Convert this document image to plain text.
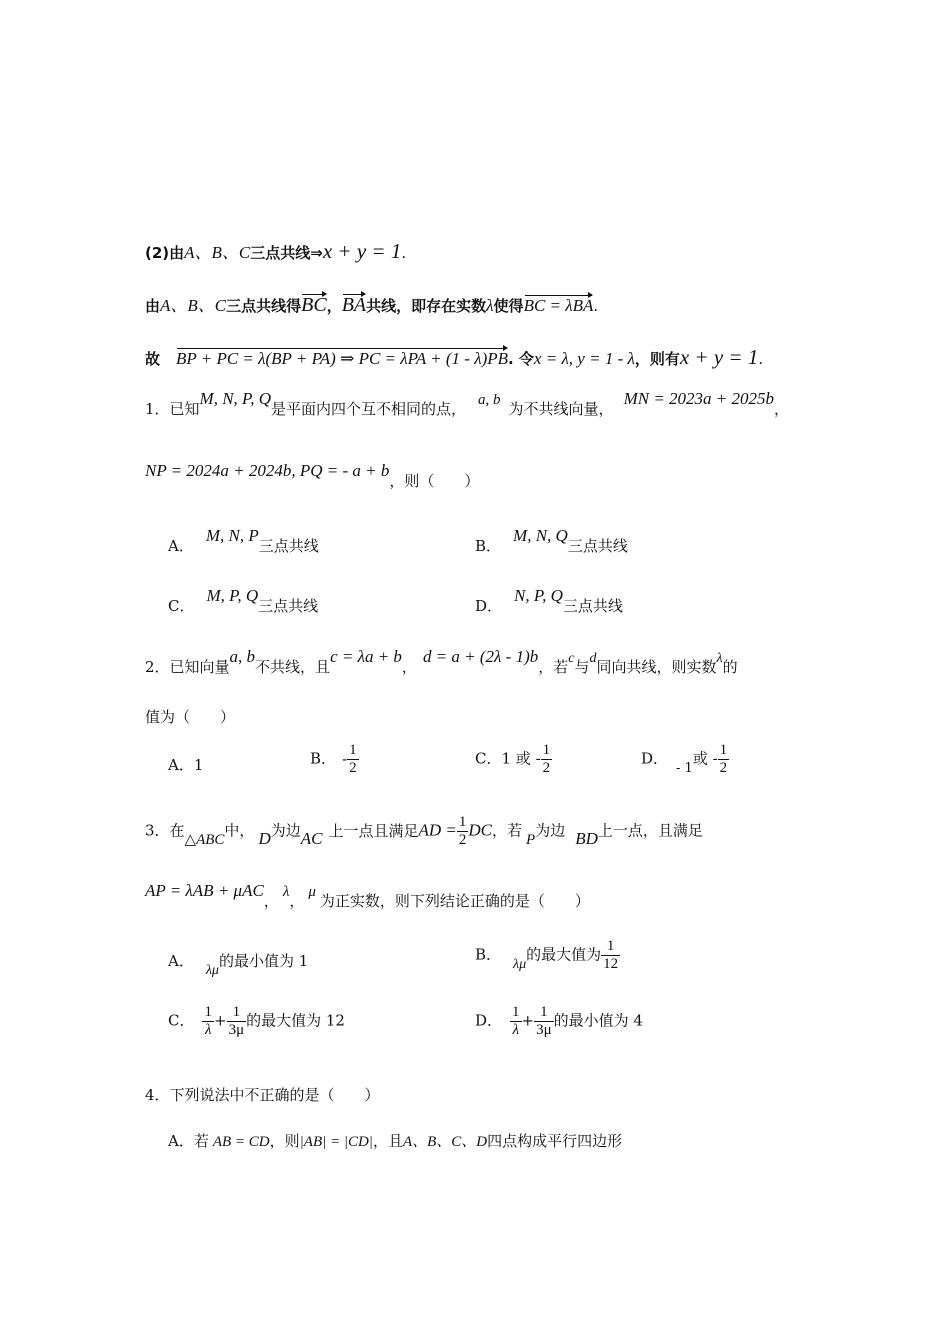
(2)由A、B、C三点共线⇒x + y = 1.
由A、B、C三点共线得BC，BA共线，即存在实数λ使得BC = λBA.
故 BP + PC = λ(BP + PA) ⇒ PC = λPA + (1 - λ)PB. 令x = λ, y = 1 - λ，则有x + y = 1.
1．已知M, N, P, Q是平面内四个互不相同的点， a, b 为不共线向量，MN = 2023a + 2025b，
NP = 2024a + 2024b, PQ = - a + b，则（　　）
A．M, N, P三点共线	B．M, N, Q三点共线
C．M, P, Q三点共线	D．N, P, Q三点共线
2．已知向量a, b不共线，且c = λa + b，d = a + (2λ - 1)b，若c与d同向共线，则实数λ的
值为（　　）
A．1	B． - $\frac{1}{2}$	C．1 或 - $\frac{1}{2}$	D．- 1或 - $\frac{1}{2}$
3．在△ABC中， D为边AC 上一点且满足AD = $\frac{1}{2}$ DC，若 P为边 BD上一点，且满足
AP = λAB + μAC， λ， μ 为正实数，则下列结论正确的是（　　）
A．λμ的最小值为 1	B．λμ的最大值为 $\frac{1}{12}$
C． $\frac{1}{\lambda} + \frac{1}{3\mu}$ 的最大值为 12	D． $\frac{1}{\lambda} + \frac{1}{3\mu}$ 的最小值为 4
4．下列说法中不正确的是（　　）
A．若 AB = CD，则|AB| = |CD|，且A、B、C、D四点构成平行四边形
